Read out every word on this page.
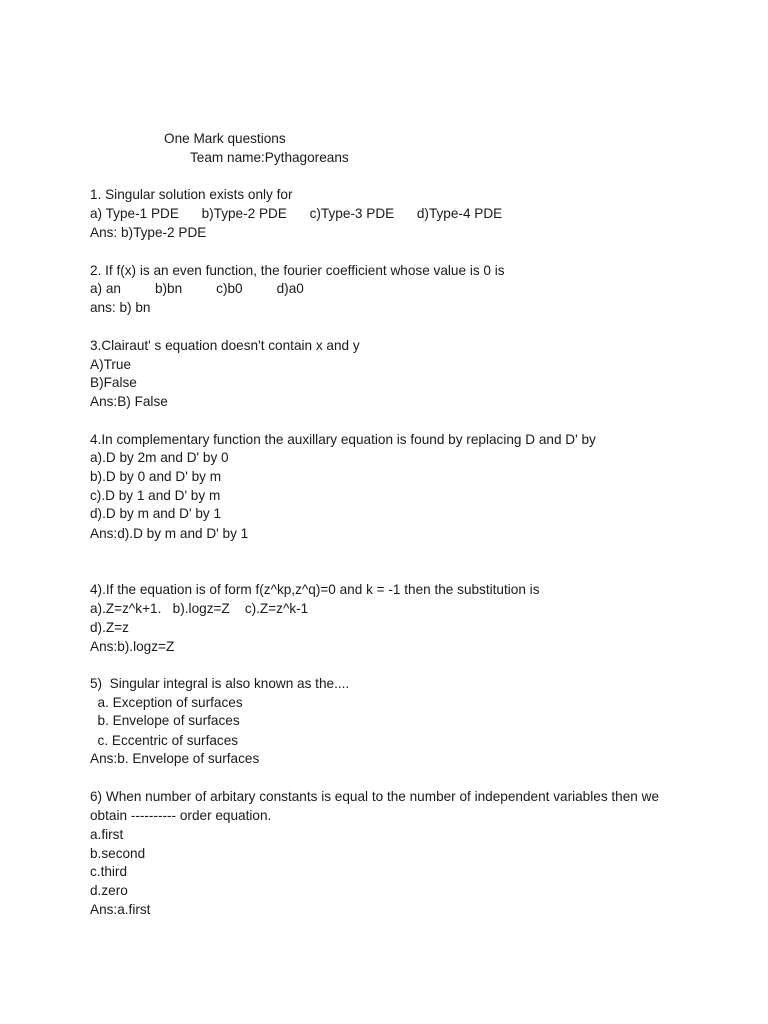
One Mark questions

Team name:Pythagoreans

1. Singular solution exists only for

a) Type-1 PDE      b)Type-2 PDE      c)Type-3 PDE      d)Type-4 PDE

Ans: b)Type-2 PDE

2. If f(x) is an even function, the fourier coefficient whose value is 0 is

a) an         b)bn         c)b0         d)a0

ans: b) bn

3.Clairaut' s equation doesn't contain x and y

A)True

B)False

Ans:B) False

4.In complementary function the auxillary equation is found by replacing D and D' by

a).D by 2m and D' by 0

b).D by 0 and D' by m

c).D by 1 and D' by m

d).D by m and D' by 1

Ans:d).D by m and D' by 1

4).If the equation is of form f(z^kp,z^q)=0 and k = -1 then the substitution is

a).Z=z^k+1.   b).logz=Z    c).Z=z^k-1

d).Z=z

Ans:b).logz=Z

5)  Singular integral is also known as the....

a. Exception of surfaces

b. Envelope of surfaces

c. Eccentric of surfaces

Ans:b. Envelope of surfaces

6) When number of arbitary constants is equal to the number of independent variables then we

obtain ---------- order equation.

a.first

b.second

c.third

d.zero

Ans:a.first
